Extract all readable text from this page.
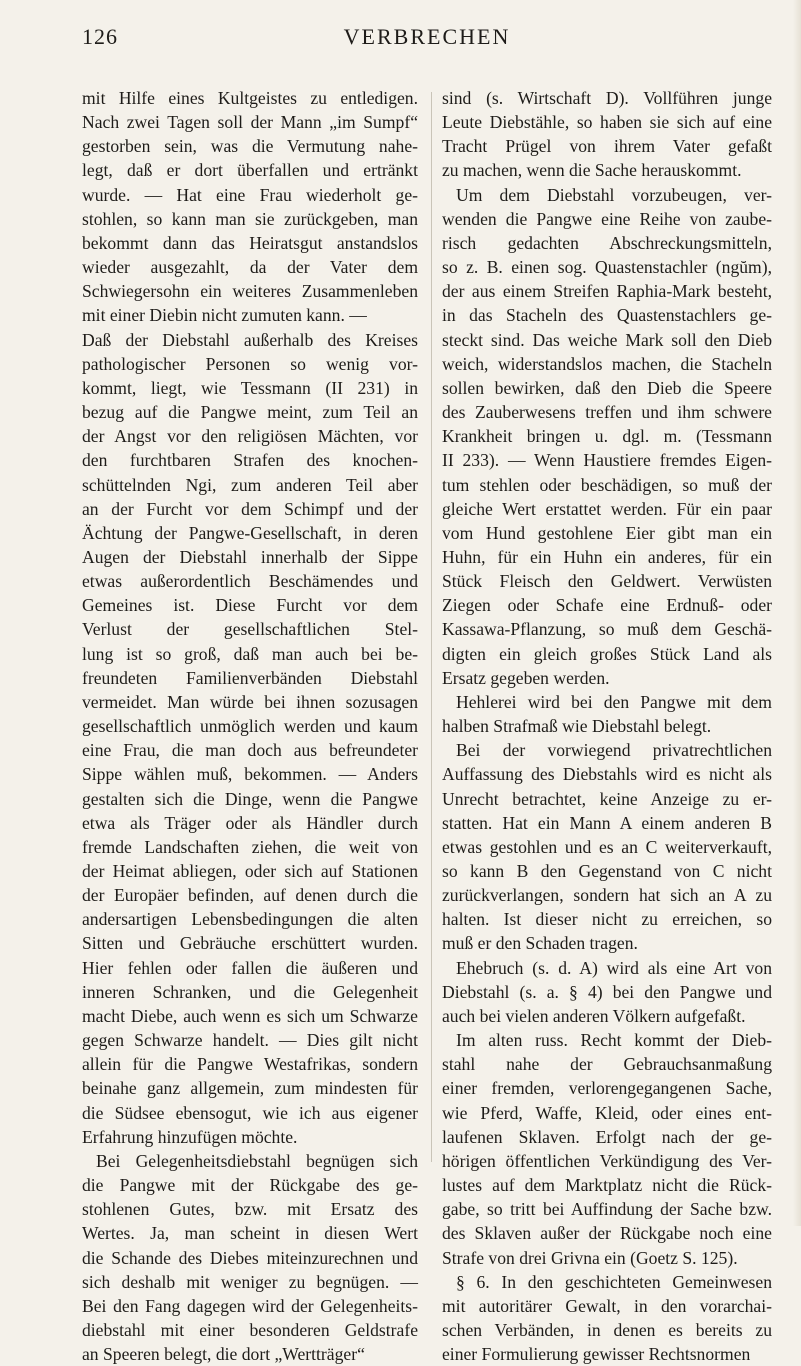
126	VERBRECHEN

mit Hilfe eines Kultgeistes zu entledigen.

Nach zwei Tagen soll der Mann „im Sumpf“

gestorben sein, was die Vermutung nahe-

legt, daß er dort überfallen und ertränkt

wurde. — Hat eine Frau wiederholt ge-

stohlen, so kann man sie zurückgeben, man

bekommt dann das Heiratsgut anstandslos

wieder ausgezahlt, da der Vater dem

Schwiegersohn ein weiteres Zusammenleben

mit einer Diebin nicht zumuten kann. —

Daß der Diebstahl außerhalb des Kreises

pathologischer Personen so wenig vor-

kommt, liegt, wie Tessmann (II 231) in

bezug auf die Pangwe meint, zum Teil an

der Angst vor den religiösen Mächten, vor

den furchtbaren Strafen des knochen-

schüttelnden Ngi, zum anderen Teil aber

an der Furcht vor dem Schimpf und der

Ächtung der Pangwe-Gesellschaft, in deren

Augen der Diebstahl innerhalb der Sippe

etwas außerordentlich Beschämendes und

Gemeines ist. Diese Furcht vor dem

Verlust der gesellschaftlichen Stel-

lung ist so groß, daß man auch bei be-

freundeten Familienverbänden Diebstahl

vermeidet. Man würde bei ihnen sozusagen

gesellschaftlich unmöglich werden und kaum

eine Frau, die man doch aus befreundeter

Sippe wählen muß, bekommen. — Anders

gestalten sich die Dinge, wenn die Pangwe

etwa als Träger oder als Händler durch

fremde Landschaften ziehen, die weit von

der Heimat abliegen, oder sich auf Stationen

der Europäer befinden, auf denen durch die

andersartigen Lebensbedingungen die alten

Sitten und Gebräuche erschüttert wurden.

Hier fehlen oder fallen die äußeren und

inneren Schranken, und die Gelegenheit

macht Diebe, auch wenn es sich um Schwarze

gegen Schwarze handelt. — Dies gilt nicht

allein für die Pangwe Westafrikas, sondern

beinahe ganz allgemein, zum mindesten für

die Südsee ebensogut, wie ich aus eigener

Erfahrung hinzufügen möchte.

Bei Gelegenheitsdiebstahl begnügen sich

die Pangwe mit der Rückgabe des ge-

stohlenen Gutes, bzw. mit Ersatz des

Wertes. Ja, man scheint in diesen Wert

die Schande des Diebes miteinzurechnen und

sich deshalb mit weniger zu begnügen. —

Bei den Fang dagegen wird der Gelegenheits-

diebstahl mit einer besonderen Geldstrafe

an Speeren belegt, die dort „Wertträger“

sind (s. Wirtschaft D). Vollführen junge

Leute Diebstähle, so haben sie sich auf eine

Tracht Prügel von ihrem Vater gefaßt

zu machen, wenn die Sache herauskommt.

Um dem Diebstahl vorzubeugen, ver-

wenden die Pangwe eine Reihe von zaube-

risch gedachten Abschreckungsmitteln,

so z. B. einen sog. Quastenstachler (ngŭm),

der aus einem Streifen Raphia-Mark besteht,

in das Stacheln des Quastenstachlers ge-

steckt sind. Das weiche Mark soll den Dieb

weich, widerstandslos machen, die Stacheln

sollen bewirken, daß den Dieb die Speere

des Zauberwesens treffen und ihm schwere

Krankheit bringen u. dgl. m. (Tessmann

II 233). — Wenn Haustiere fremdes Eigen-

tum stehlen oder beschädigen, so muß der

gleiche Wert erstattet werden. Für ein paar

vom Hund gestohlene Eier gibt man ein

Huhn, für ein Huhn ein anderes, für ein

Stück Fleisch den Geldwert. Verwüsten

Ziegen oder Schafe eine Erdnuß- oder

Kassawa-Pflanzung, so muß dem Geschä-

digten ein gleich großes Stück Land als

Ersatz gegeben werden.

Hehlerei wird bei den Pangwe mit dem

halben Strafmaß wie Diebstahl belegt.

Bei der vorwiegend privatrechtlichen

Auffassung des Diebstahls wird es nicht als

Unrecht betrachtet, keine Anzeige zu er-

statten. Hat ein Mann A einem anderen B

etwas gestohlen und es an C weiterverkauft,

so kann B den Gegenstand von C nicht

zurückverlangen, sondern hat sich an A zu

halten. Ist dieser nicht zu erreichen, so

muß er den Schaden tragen.

Ehebruch (s. d. A) wird als eine Art von

Diebstahl (s. a. § 4) bei den Pangwe und

auch bei vielen anderen Völkern aufgefaßt.

Im alten russ. Recht kommt der Dieb-

stahl nahe der Gebrauchsanmaßung

einer fremden, verlorengegangenen Sache,

wie Pferd, Waffe, Kleid, oder eines ent-

laufenen Sklaven. Erfolgt nach der ge-

hörigen öffentlichen Verkündigung des Ver-

lustes auf dem Marktplatz nicht die Rück-

gabe, so tritt bei Auffindung der Sache bzw.

des Sklaven außer der Rückgabe noch eine

Strafe von drei Grivna ein (Goetz S. 125).

§ 6. In den geschichteten Gemeinwesen

mit autoritärer Gewalt, in den vorarchai-

schen Verbänden, in denen es bereits zu

einer Formulierung gewisser Rechtsnormen
